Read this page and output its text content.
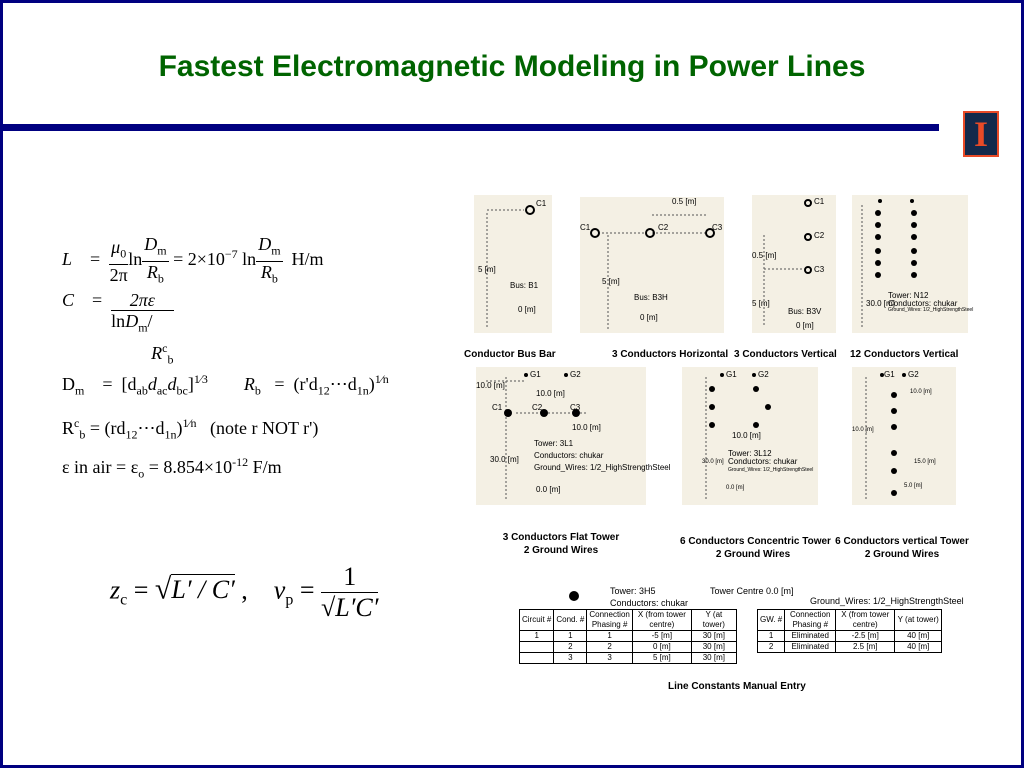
Fastest Electromagnetic Modeling in Power Lines
I
$L = \frac{\mu_0}{2\pi}$ $\ln \frac{D_m}{R_b} = 2\times 10^{-7}$ $\ln \frac{D_m}{R_b} H/m$
C =	2πε
lnD$_m$/
$R^c_b$
$D_m = [d_{ab}d_{ac}d_{bc}]^{1⁄3}$ $R_b$ = $(r'd_{12}\cdots d_{1n})^{1⁄n}$
$R^c_b$ = $(rd_{12}\cdots d_{1n})^{1⁄n}$ (note r NOT r')
ε in air = $\varepsilon_o = 8.854\times 10^{-12}$ F/m
$z_c = √L' / C'$ , $v_p = \frac{1}{√L'C'}$
C1
5 [m]
Bus: B1
0 [m]
Conductor Bus Bar
0.5 [m]
C1	C2	C3
5 [m]
Bus: B3H
0 [m]
3 Conductors Horizontal
C1
C2
C3
0.5 [m]
5 [m]
Bus: B3V
0 [m]
3 Conductors Vertical
Tower: N12
Conductors: chukar
Ground_Wires: 1/2_HighStrengthSteel
30.0 [m]
12 Conductors Vertical
G1	G2
10.0 [m]
10.0 [m]
C1	C2	C3
10.0 [m]
Tower: 3L1
Conductors: chukar
Ground_Wires: 1/2_HighStrengthSteel
30.0 [m]
0.0 [m]
3 Conductors Flat Tower
2 Ground Wires
G1	G2
10.0 [m]
Tower: 3L12
Conductors: chukar
Ground_Wires: 1/2_HighStrengthSteel
30.0 [m]
0.0 [m]
6 Conductors Concentric Tower
2 Ground Wires
G1 G2
10.0 [m]
15.0 [m]
5.0 [m]
10.0 [m]
6 Conductors vertical Tower
2 Ground Wires
Tower: 3H5
Conductors: chukar
Tower Centre 0.0 [m]
Ground_Wires: 1/2_HighStrengthSteel
Circuit #	Cond. #	Connection Phasing #	X (from tower centre)	Y (at tower)
1	1	1	-5 [m]	30 [m]
	2	2	0 [m]	30 [m]
	3	3	5 [m]	30 [m]
GW. #	Connection Phasing #	X (from tower centre)	Y (at tower)
1	Eliminated	-2.5 [m]	40 [m]
2	Eliminated	2.5 [m]	40 [m]
Line Constants Manual Entry
